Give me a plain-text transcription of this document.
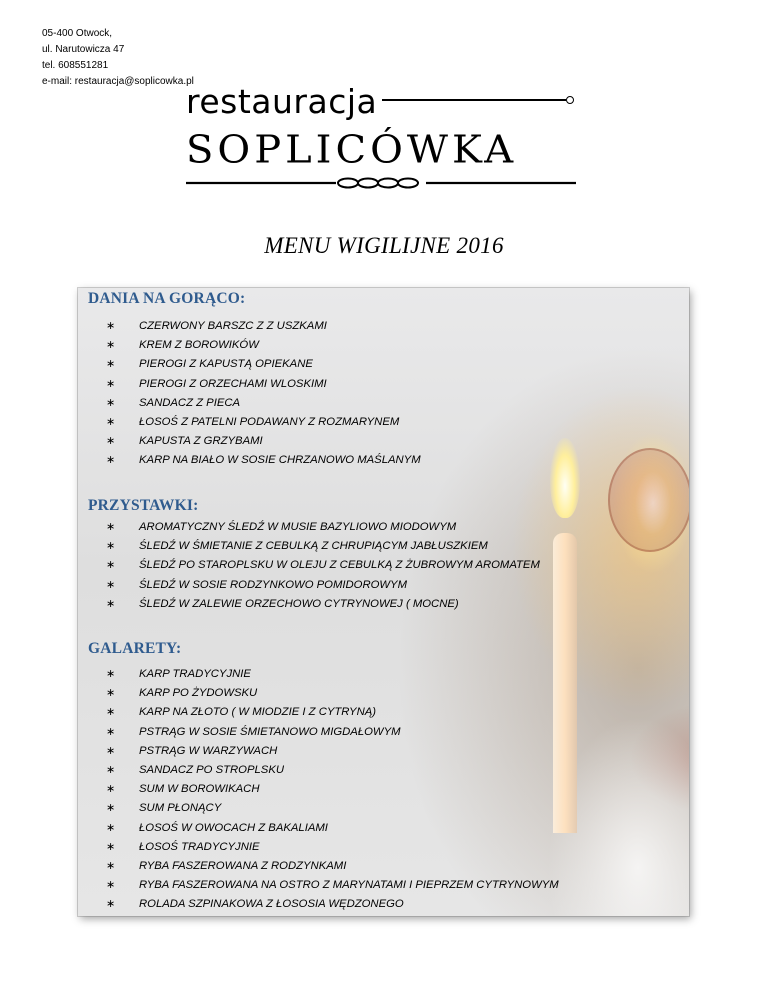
05-400 Otwock,
ul. Narutowicza 47
tel. 608551281
e-mail: restauracja@soplicowka.pl
restauracja
SOPLICÓWKA
MENU WIGILIJNE 2016
DANIA NA GORĄCO:
∗ CZERWONY BARSZC Z Z USZKAMI
∗ KREM Z BOROWIKÓW
∗ PIEROGI Z KAPUSTĄ OPIEKANE
∗ PIEROGI Z ORZECHAMI WLOSKIMI
∗ SANDACZ Z PIECA
∗ ŁOSOŚ Z PATELNI PODAWANY Z ROZMARYNEM
∗ KAPUSTA Z GRZYBAMI
∗ KARP NA BIAŁO W SOSIE CHRZANOWO MAŚLANYM
PRZYSTAWKI:
∗ AROMATYCZNY ŚLEDŹ W MUSIE BAZYLIOWO MIODOWYM
∗ ŚLEDŹ W ŚMIETANIE Z CEBULKĄ Z CHRUPIĄCYM JABŁUSZKIEM
∗ ŚLEDŹ PO STAROPLSKU W OLEJU Z CEBULKĄ Z ŻUBROWYM AROMATEM
∗ ŚLEDŹ W SOSIE RODZYNKOWO POMIDOROWYM
∗ ŚLEDŹ W ZALEWIE ORZECHOWO CYTRYNOWEJ ( MOCNE)
GALARETY:
∗ KARP TRADYCYJNIE
∗ KARP PO ŻYDOWSKU
∗ KARP NA ZŁOTO ( W MIODZIE I Z CYTRYNĄ)
∗ PSTRĄG W SOSIE ŚMIETANOWO MIGDAŁOWYM
∗ PSTRĄG W WARZYWACH
∗ SANDACZ PO STROPLSKU
∗ SUM W BOROWIKACH
∗ SUM PŁONĄCY
∗ ŁOSOŚ W OWOCACH Z BAKALIAMI
∗ ŁOSOŚ TRADYCYJNIE
∗ RYBA FASZEROWANA Z RODZYNKAMI
∗ RYBA FASZEROWANA NA OSTRO Z MARYNATAMI I PIEPRZEM CYTRYNOWYM
∗ ROLADA SZPINAKOWA Z ŁOSOSIA WĘDZONEGO
